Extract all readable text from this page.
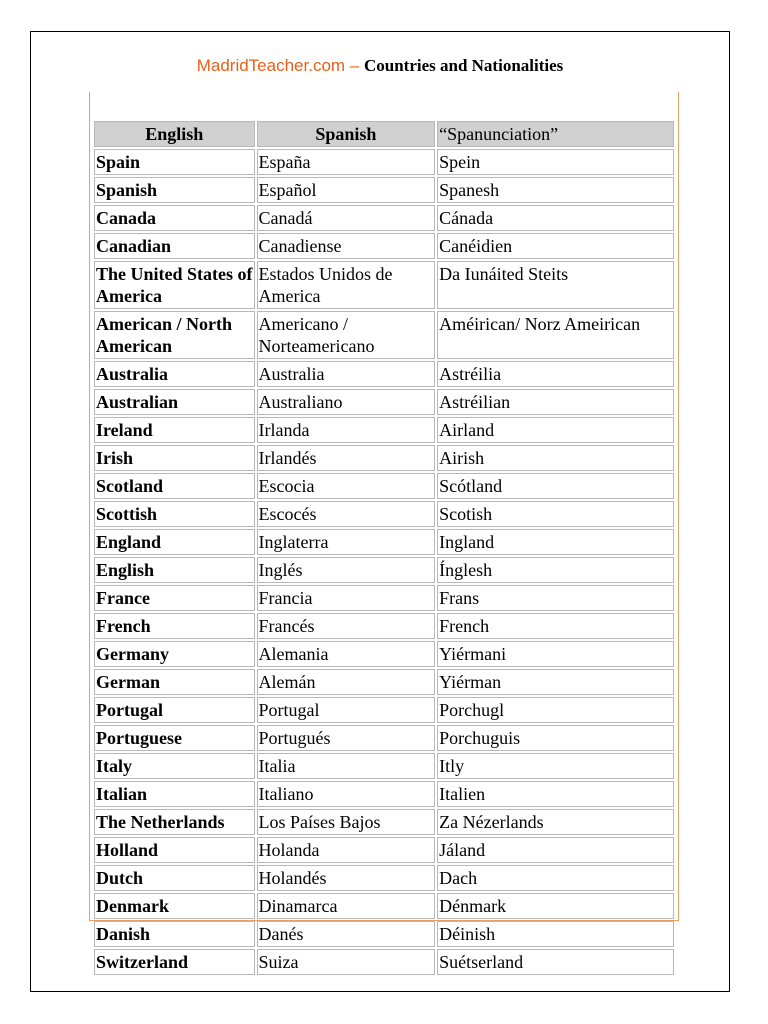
MadridTeacher.com – Countries and Nationalities
English	Spanish	“Spanunciation”
Spain	España	Spein
Spanish	Español	Spanesh
Canada	Canadá	Cánada
Canadian	Canadiense	Canéidien
The United States of America	Estados Unidos de America	Da Iunáited Steits
American / North American	Americano / Norteamericano	Améirican/ Norz Ameirican
Australia	Australia	Astréilia
Australian	Australiano	Astréilian
Ireland	Irlanda	Airland
Irish	Irlandés	Airish
Scotland	Escocia	Scótland
Scottish	Escocés	Scotish
England	Inglaterra	Ingland
English	Inglés	Ínglesh
France	Francia	Frans
French	Francés	French
Germany	Alemania	Yiérmani
German	Alemán	Yiérman
Portugal	Portugal	Porchugl
Portuguese	Portugués	Porchuguis
Italy	Italia	Itly
Italian	Italiano	Italien
The Netherlands	Los Países Bajos	Za Nézerlands
Holland	Holanda	Jáland
Dutch	Holandés	Dach
Denmark	Dinamarca	Dénmark
Danish	Danés	Déinish
Switzerland	Suiza	Suétserland
